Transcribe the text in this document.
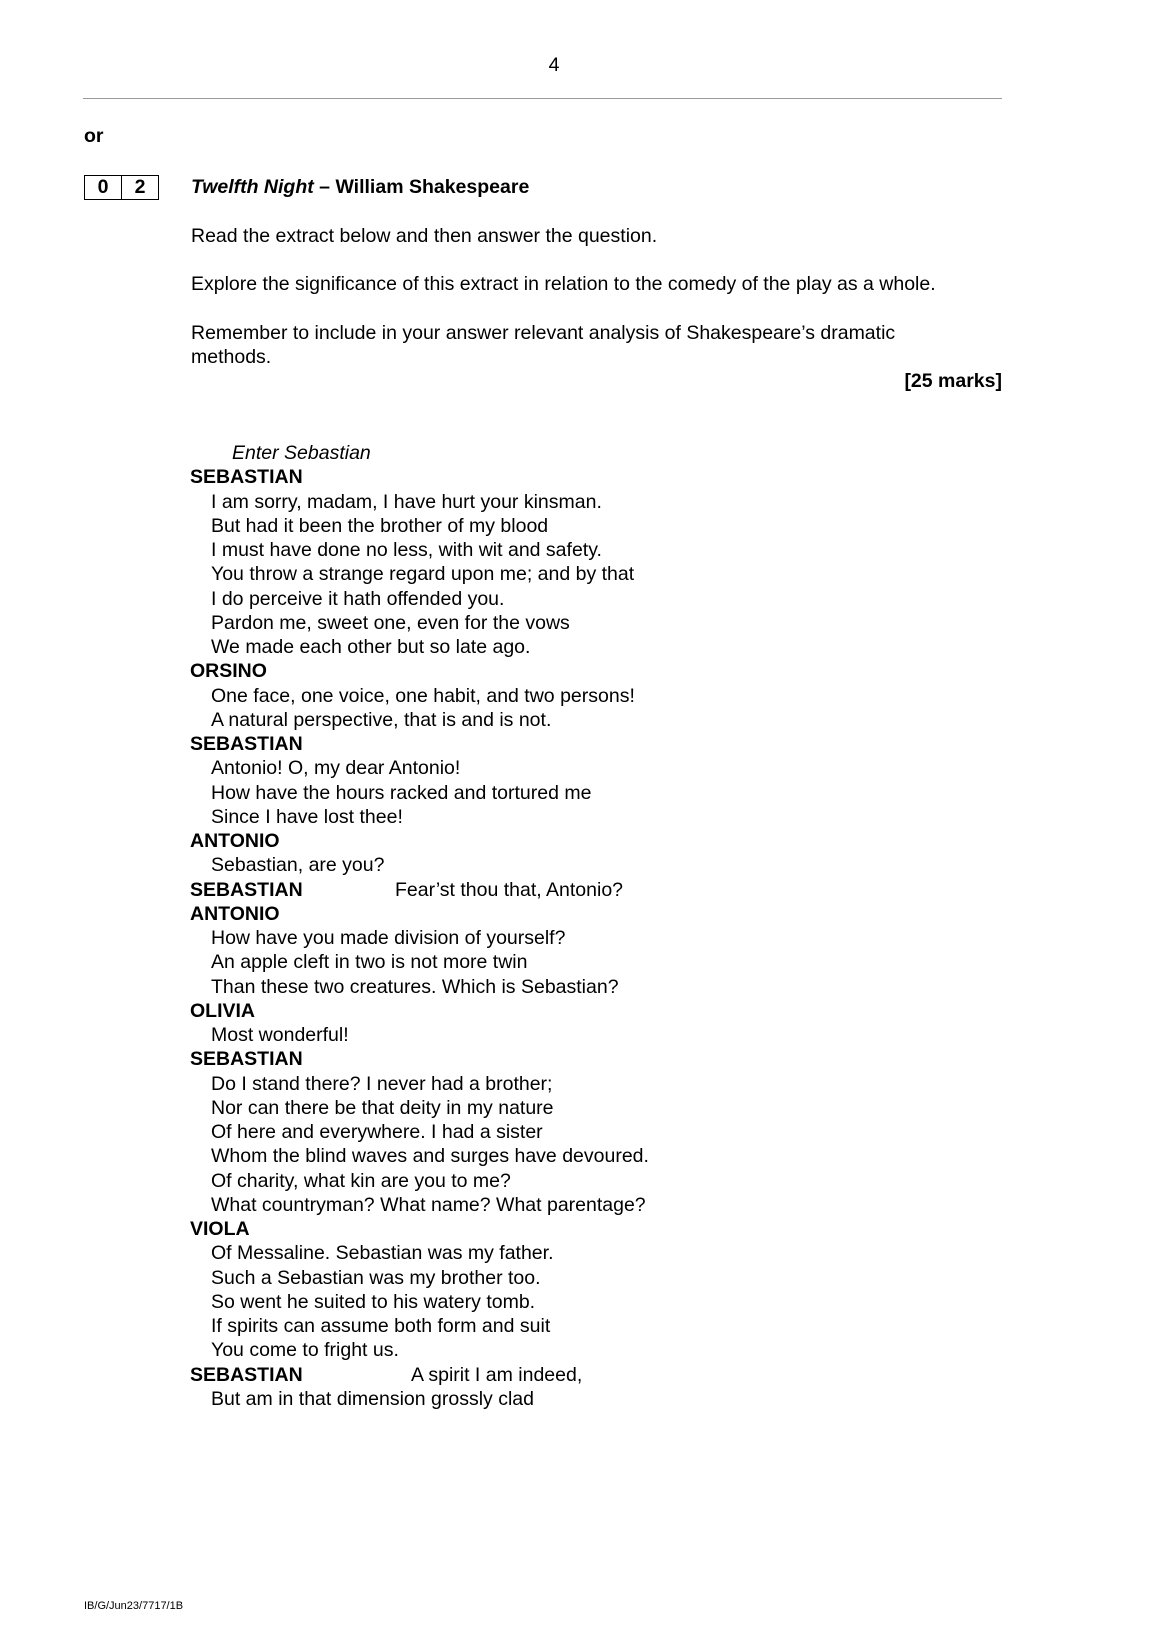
4
or
0	2	Twelfth Night – William Shakespeare
Read the extract below and then answer the question.
Explore the significance of this extract in relation to the comedy of the play as a whole.
Remember to include in your answer relevant analysis of Shakespeare’s dramatic
methods.
[25 marks]
Enter Sebastian
SEBASTIAN
I am sorry, madam, I have hurt your kinsman.
But had it been the brother of my blood
I must have done no less, with wit and safety.
You throw a strange regard upon me; and by that
I do perceive it hath offended you.
Pardon me, sweet one, even for the vows
We made each other but so late ago.
ORSINO
One face, one voice, one habit, and two persons!
A natural perspective, that is and is not.
SEBASTIAN
Antonio! O, my dear Antonio!
How have the hours racked and tortured me
Since I have lost thee!
ANTONIO
Sebastian, are you?
SEBASTIAN	Fear’st thou that, Antonio?
ANTONIO
How have you made division of yourself?
An apple cleft in two is not more twin
Than these two creatures. Which is Sebastian?
OLIVIA
Most wonderful!
SEBASTIAN
Do I stand there? I never had a brother;
Nor can there be that deity in my nature
Of here and everywhere. I had a sister
Whom the blind waves and surges have devoured.
Of charity, what kin are you to me?
What countryman? What name? What parentage?
VIOLA
Of Messaline. Sebastian was my father.
Such a Sebastian was my brother too.
So went he suited to his watery tomb.
If spirits can assume both form and suit
You come to fright us.
SEBASTIAN	A spirit I am indeed,
But am in that dimension grossly clad
IB/G/Jun23/7717/1B
